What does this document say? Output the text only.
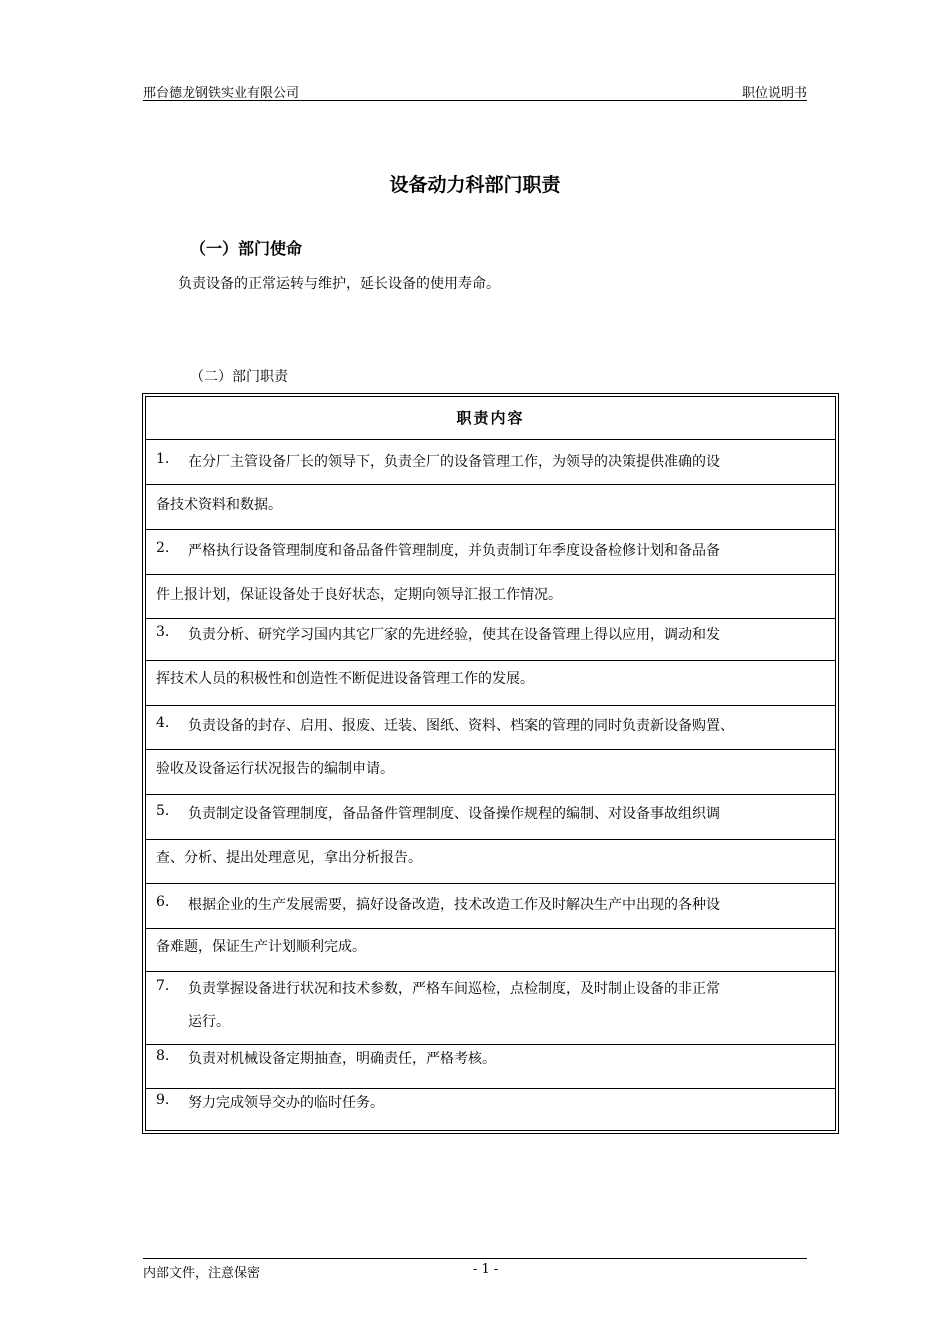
邢台德龙钢铁实业有限公司	职位说明书
设备动力科部门职责
（一）部门使命
负责设备的正常运转与维护，延长设备的使用寿命。
（二）部门职责
职责内容
1. 在分厂主管设备厂长的领导下，负责全厂的设备管理工作，为领导的决策提供准确的设
备技术资料和数据。
2. 严格执行设备管理制度和备品备件管理制度，并负责制订年季度设备检修计划和备品备
件上报计划，保证设备处于良好状态，定期向领导汇报工作情况。
3. 负责分析、研究学习国内其它厂家的先进经验，使其在设备管理上得以应用，调动和发
挥技术人员的积极性和创造性不断促进设备管理工作的发展。
4. 负责设备的封存、启用、报废、迁装、图纸、资料、档案的管理的同时负责新设备购置、
验收及设备运行状况报告的编制申请。
5. 负责制定设备管理制度，备品备件管理制度、设备操作规程的编制、对设备事故组织调
查、分析、提出处理意见，拿出分析报告。
6. 根据企业的生产发展需要，搞好设备改造，技术改造工作及时解决生产中出现的各种设
备难题，保证生产计划顺利完成。
7. 负责掌握设备进行状况和技术参数，严格车间巡检，点检制度，及时制止设备的非正常
运行。
8. 负责对机械设备定期抽查，明确责任，严格考核。
9. 努力完成领导交办的临时任务。
内部文件，注意保密	- 1 -
